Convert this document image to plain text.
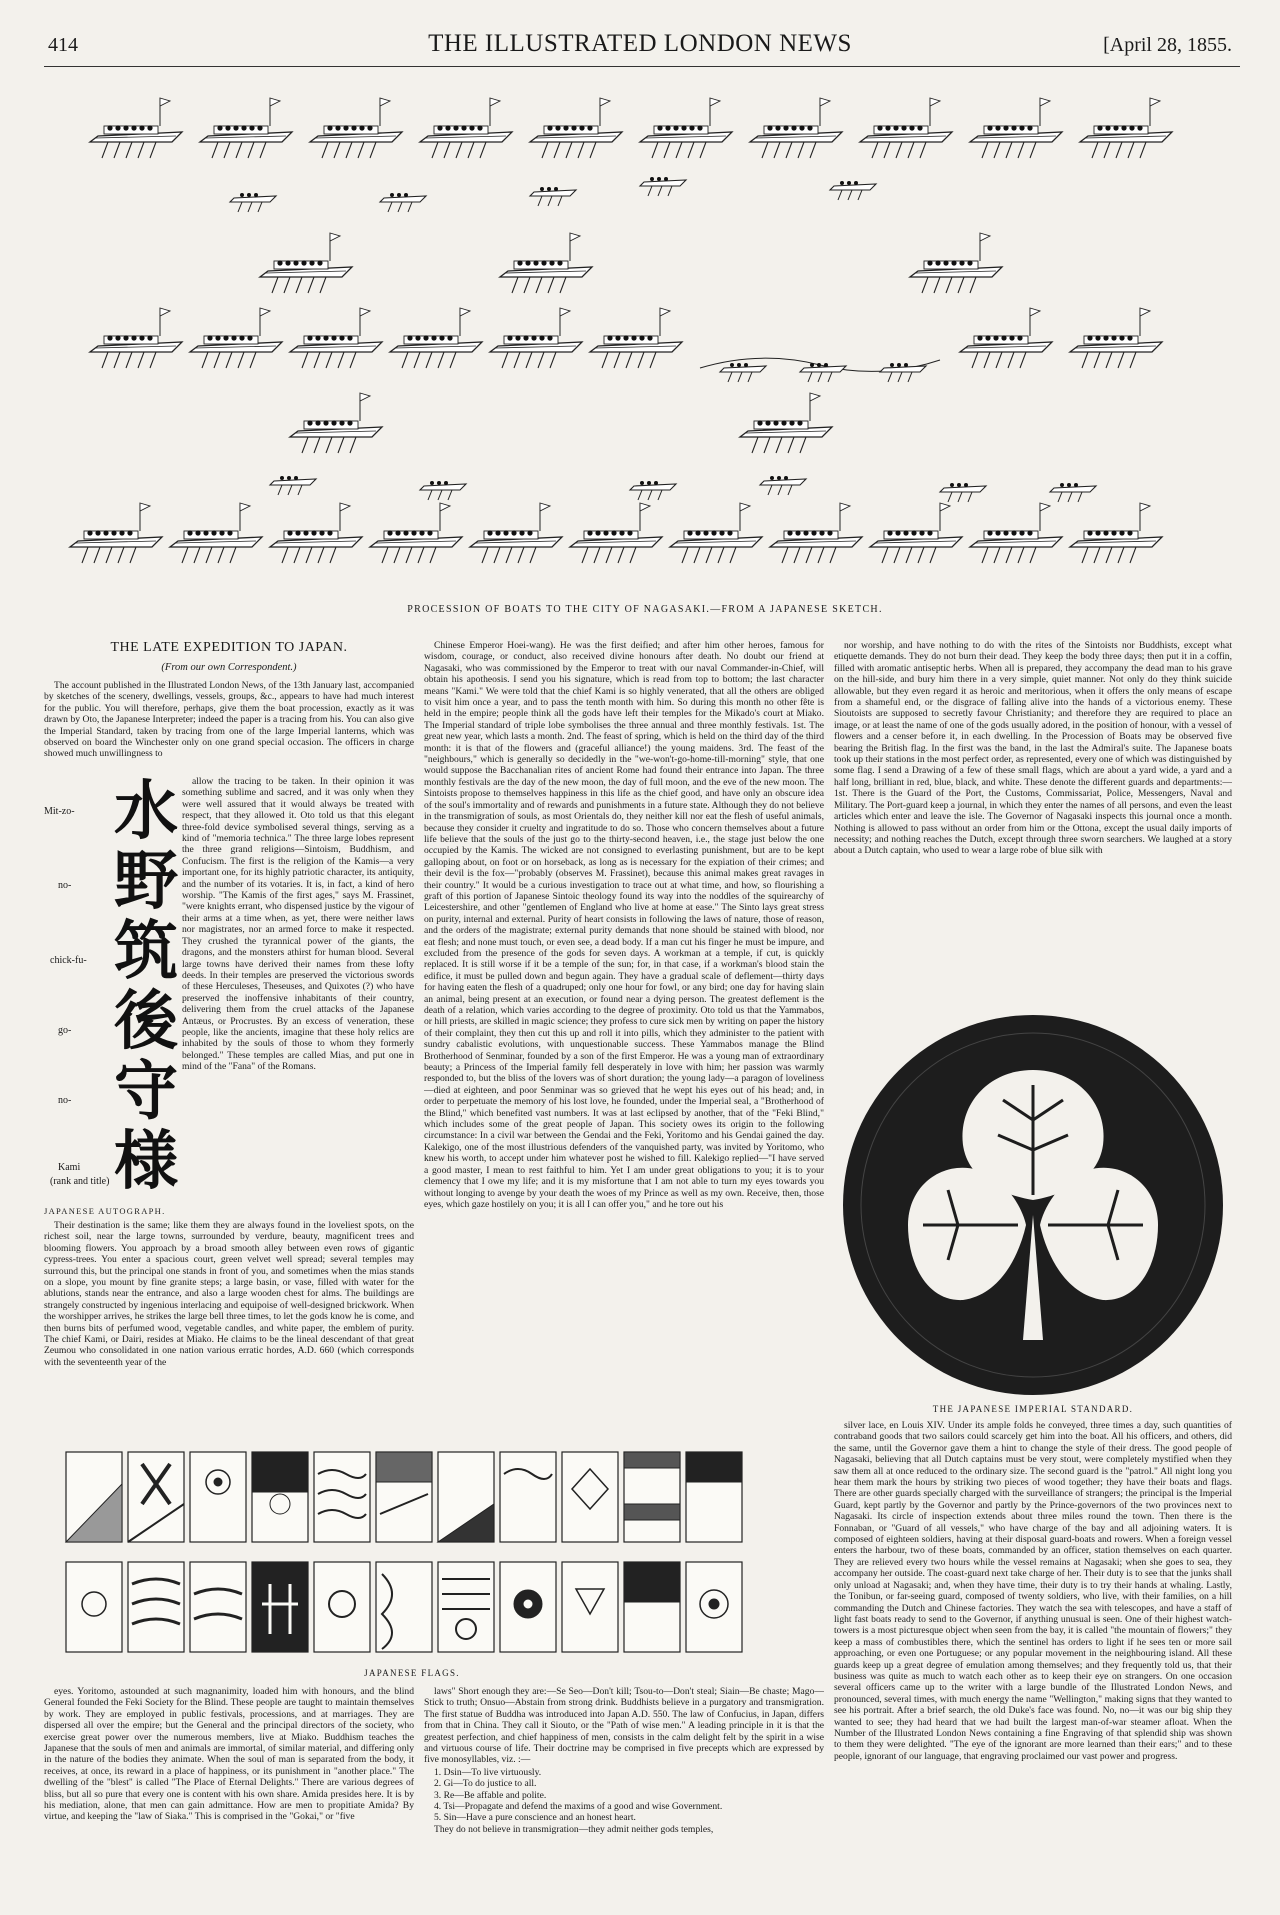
414	THE ILLUSTRATED LONDON NEWS	[April 28, 1855.
PROCESSION OF BOATS TO THE CITY OF NAGASAKI.—FROM A JAPANESE SKETCH.
THE LATE EXPEDITION TO JAPAN.
(From our own Correspondent.)

The account published in the Illustrated London News, of the 13th January last, accompanied by sketches of the scenery, dwellings, vessels, groups, &c., appears to have had much interest for the public. You will therefore, perhaps, give them the boat procession, exactly as it was drawn by Oto, the Japanese Interpreter; indeed the paper is a tracing from his. You can also give the Imperial Standard, taken by tracing from one of the large Imperial lanterns, which was observed on board the Winchester only on one grand special occasion. The officers in charge showed much unwillingness to

Mit-zo-
no-
chick-fu-
go-
no-
Kami
(rank and title)
水
野
筑
後
守
様
JAPANESE AUTOGRAPH.

allow the tracing to be taken. In their opinion it was something sublime and sacred, and it was only when they were well assured that it would always be treated with respect, that they allowed it. Oto told us that this elegant three-fold device symbolised several things, serving as a kind of "memoria technica." The three large lobes represent the three grand religions—Sintoism, Buddhism, and Confucism. The first is the religion of the Kamis—a very important one, for its highly patriotic character, its antiquity, and the number of its votaries. It is, in fact, a kind of hero worship. "The Kamis of the first ages," says M. Frassinet, "were knights errant, who dispensed justice by the vigour of their arms at a time when, as yet, there were neither laws nor magistrates, nor an armed force to make it respected. They crushed the tyrannical power of the giants, the dragons, and the monsters athirst for human blood. Several large towns have derived their names from these lofty deeds. In their temples are preserved the victorious swords of these Herculeses, Theseuses, and Quixotes (?) who have preserved the inoffensive inhabitants of their country, delivering them from the cruel attacks of the Japanese Antæus, or Procrustes. By an excess of veneration, these people, like the ancients, imagine that these holy relics are inhabited by the souls of those to whom they formerly belonged." These temples are called Mias, and put one in mind of the "Fana" of the Romans.

Their destination is the same; like them they are always found in the loveliest spots, on the richest soil, near the large towns, surrounded by verdure, beauty, magnificent trees and blooming flowers. You approach by a broad smooth alley between even rows of gigantic cypress-trees. You enter a spacious court, green velvet well spread; several temples may surround this, but the principal one stands in front of you, and sometimes when the mias stands on a slope, you mount by fine granite steps; a large basin, or vase, filled with water for the ablutions, stands near the entrance, and also a large wooden chest for alms. The buildings are strangely constructed by ingenious interlacing and equipoise of well-designed brickwork. When the worshipper arrives, he strikes the large bell three times, to let the gods know he is come, and then burns bits of perfumed wood, vegetable candles, and white paper, the emblem of purity. The chief Kami, or Dairi, resides at Miako. He claims to be the lineal descendant of that great Zeumou who consolidated in one nation various erratic hordes, A.D. 660 (which corresponds with the seventeenth year of the

Chinese Emperor Hoei-wang). He was the first deified; and after him other heroes, famous for wisdom, courage, or conduct, also received divine honours after death. No doubt our friend at Nagasaki, who was commissioned by the Emperor to treat with our naval Commander-in-Chief, will obtain his apotheosis. I send you his signature, which is read from top to bottom; the last character means "Kami." We were told that the chief Kami is so highly venerated, that all the others are obliged to visit him once a year, and to pass the tenth month with him. So during this month no other fête is held in the empire; people think all the gods have left their temples for the Mikado's court at Miako. The Imperial standard of triple lobe symbolises the three annual and three monthly festivals. 1st. The great new year, which lasts a month. 2nd. The feast of spring, which is held on the third day of the third month: it is that of the flowers and (graceful alliance!) the young maidens. 3rd. The feast of the "neighbours," which is generally so decidedly in the "we-won't-go-home-till-morning" style, that one would suppose the Bacchanalian rites of ancient Rome had found their entrance into Japan. The three monthly festivals are the day of the new moon, the day of full moon, and the eve of the new moon. The Sintoists propose to themselves happiness in this life as the chief good, and have only an obscure idea of the soul's immortality and of rewards and punishments in a future state. Although they do not believe in the transmigration of souls, as most Orientals do, they neither kill nor eat the flesh of useful animals, because they consider it cruelty and ingratitude to do so. Those who concern themselves about a future life believe that the souls of the just go to the thirty-second heaven, i.e., the stage just below the one occupied by the Kamis. The wicked are not consigned to everlasting punishment, but are to be kept galloping about, on foot or on horseback, as long as is necessary for the expiation of their crimes; and their devil is the fox—"probably (observes M. Frassinet), because this animal makes great ravages in their country." It would be a curious investigation to trace out at what time, and how, so flourishing a graft of this portion of Japanese Sintoic theology found its way into the noddles of the squirearchy of Leicestershire, and other "gentlemen of England who live at home at ease." The Sinto lays great stress on purity, internal and external. Purity of heart consists in following the laws of nature, those of reason, and the orders of the magistrate; external purity demands that none should be stained with blood, nor eat flesh; and none must touch, or even see, a dead body. If a man cut his finger he must be impure, and excluded from the presence of the gods for seven days. A workman at a temple, if cut, is quickly replaced. It is still worse if it be a temple of the sun; for, in that case, if a workman's blood stain the edifice, it must be pulled down and begun again. They have a gradual scale of deflement—thirty days for having eaten the flesh of a quadruped; only one hour for fowl, or any bird; one day for having slain an animal, being present at an execution, or found near a dying person. The greatest deflement is the death of a relation, which varies according to the degree of proximity. Oto told us that the Yammabos, or hill priests, are skilled in magic science; they profess to cure sick men by writing on paper the history of their complaint, they then cut this up and roll it into pills, which they administer to the patient with sundry cabalistic evolutions, with unquestionable success. These Yammabos manage the Blind Brotherhood of Senminar, founded by a son of the first Emperor. He was a young man of extraordinary beauty; a Princess of the Imperial family fell desperately in love with him; her passion was warmly responded to, but the bliss of the lovers was of short duration; the young lady—a paragon of loveliness—died at eighteen, and poor Senminar was so grieved that he wept his eyes out of his head; and, in order to perpetuate the memory of his lost love, he founded, under the Imperial seal, a "Brotherhood of the Blind," which benefited vast numbers. It was at last eclipsed by another, that of the "Feki Blind," which includes some of the great people of Japan. This society owes its origin to the following circumstance: In a civil war between the Gendai and the Feki, Yoritomo and his Gendai gained the day. Kalekigo, one of the most illustrious defenders of the vanquished party, was invited by Yoritomo, who knew his worth, to accept under him whatever post he wished to fill. Kalekigo replied—"I have served a good master, I mean to rest faithful to him. Yet I am under great obligations to you; it is to your clemency that I owe my life; and it is my misfortune that I am not able to turn my eyes towards you without longing to avenge by your death the woes of my Prince as well as my own. Receive, then, those eyes, which gaze hostilely on you; it is all I can offer you," and he tore out his

nor worship, and have nothing to do with the rites of the Sintoists nor Buddhists, except what etiquette demands. They do not burn their dead. They keep the body three days; then put it in a coffin, filled with aromatic antiseptic herbs. When all is prepared, they accompany the dead man to his grave on the hill-side, and bury him there in a very simple, quiet manner. Not only do they think suicide allowable, but they even regard it as heroic and meritorious, when it offers the only means of escape from a shameful end, or the disgrace of falling alive into the hands of a victorious enemy. These Sioutoists are supposed to secretly favour Christianity; and therefore they are required to place an image, or at least the name of one of the gods usually adored, in the position of honour, with a vessel of flowers and a censer before it, in each dwelling. In the Procession of Boats may be observed five bearing the British flag. In the first was the band, in the last the Admiral's suite. The Japanese boats took up their stations in the most perfect order, as represented, every one of which was distinguished by some flag. I send a Drawing of a few of these small flags, which are about a yard wide, a yard and a half long, brilliant in red, blue, black, and white. These denote the different guards and departments:—1st. There is the Guard of the Port, the Customs, Commissariat, Police, Messengers, Naval and Military. The Port-guard keep a journal, in which they enter the names of all persons, and even the least articles which enter and leave the isle. The Governor of Nagasaki inspects this journal once a month. Nothing is allowed to pass without an order from him or the Ottona, except the usual daily imports of necessity; and nothing reaches the Dutch, except through three sworn searchers. We laughed at a story about a Dutch captain, who used to wear a large robe of blue silk with

THE JAPANESE IMPERIAL STANDARD.

silver lace, en Louis XIV. Under its ample folds he conveyed, three times a day, such quantities of contraband goods that two sailors could scarcely get him into the boat. All his officers, and others, did the same, until the Governor gave them a hint to change the style of their dress. The good people of Nagasaki, believing that all Dutch captains must be very stout, were completely mystified when they saw them all at once reduced to the ordinary size. The second guard is the "patrol." All night long you hear them mark the hours by striking two pieces of wood together; they have their boats and flags. There are other guards specially charged with the surveillance of strangers; the principal is the Imperial Guard, kept partly by the Governor and partly by the Prince-governors of the two provinces next to Nagasaki. Its circle of inspection extends about three miles round the town. Then there is the Fonnaban, or "Guard of all vessels," who have charge of the bay and all adjoining waters. It is composed of eighteen soldiers, having at their disposal guard-boats and rowers. When a foreign vessel enters the harbour, two of these boats, commanded by an officer, station themselves on each quarter. They are relieved every two hours while the vessel remains at Nagasaki; when she goes to sea, they accompany her outside. The coast-guard next take charge of her. Their duty is to see that the junks shall only unload at Nagasaki; and, when they have time, their duty is to try their hands at whaling. Lastly, the Tonibun, or far-seeing guard, composed of twenty soldiers, who live, with their families, on a hill commanding the Dutch and Chinese factories. They watch the sea with telescopes, and have a staff of light fast boats ready to send to the Governor, if anything unusual is seen. One of their highest watch-towers is a most picturesque object when seen from the bay, it is called "the mountain of flowers;" they keep a mass of combustibles there, which the sentinel has orders to light if he sees ten or more sail approaching, or even one Portuguese; or any popular movement in the neighbouring island. All these guards keep up a great degree of emulation among themselves; and they frequently told us, that their business was quite as much to watch each other as to keep their eye on strangers. On one occasion several officers came up to the writer with a large bundle of the Illustrated London News, and pronounced, several times, with much energy the name "Wellington," making signs that they wanted to see his portrait. After a brief search, the old Duke's face was found. No, no—it was our big ship they wanted to see; they had heard that we had built the largest man-of-war steamer afloat. When the Number of the Illustrated London News containing a fine Engraving of that splendid ship was shown to them they were delighted. "The eye of the ignorant are more learned than their ears;" and to these people, ignorant of our language, that engraving proclaimed our vast power and progress.

JAPANESE FLAGS.

eyes. Yoritomo, astounded at such magnanimity, loaded him with honours, and the blind General founded the Feki Society for the Blind. These people are taught to maintain themselves by work. They are employed in public festivals, processions, and at marriages. They are dispersed all over the empire; but the General and the principal directors of the society, who exercise great power over the numerous members, live at Miako. Buddhism teaches the Japanese that the souls of men and animals are immortal, of similar material, and differing only in the nature of the bodies they animate. When the soul of man is separated from the body, it receives, at once, its reward in a place of happiness, or its punishment in "another place." The dwelling of the "blest" is called "The Place of Eternal Delights." There are various degrees of bliss, but all so pure that every one is content with his own share. Amida presides here. It is by his mediation, alone, that men can gain admittance. How are men to propitiate Amida? By virtue, and keeping the "law of Siaka." This is comprised in the "Gokai," or "five

laws" Short enough they are:—Se Seo—Don't kill; Tsou-to—Don't steal; Siain—Be chaste; Mago—Stick to truth; Onsuo—Abstain from strong drink. Buddhists believe in a purgatory and transmigration. The first statue of Buddha was introduced into Japan A.D. 550. The law of Confucius, in Japan, differs from that in China. They call it Siouto, or the "Path of wise men." A leading principle in it is that the greatest perfection, and chief happiness of men, consists in the calm delight felt by the spirit in a wise and virtuous course of life. Their doctrine may be comprised in five precepts which are expressed by five monosyllables, viz. :—

1. Dsin—To live virtuously.
2. Gi—To do justice to all.
3. Re—Be affable and polite.
4. Tsi—Propagate and defend the maxims of a good and wise Government.
5. Sin—Have a pure conscience and an honest heart.

They do not believe in transmigration—they admit neither gods temples,
